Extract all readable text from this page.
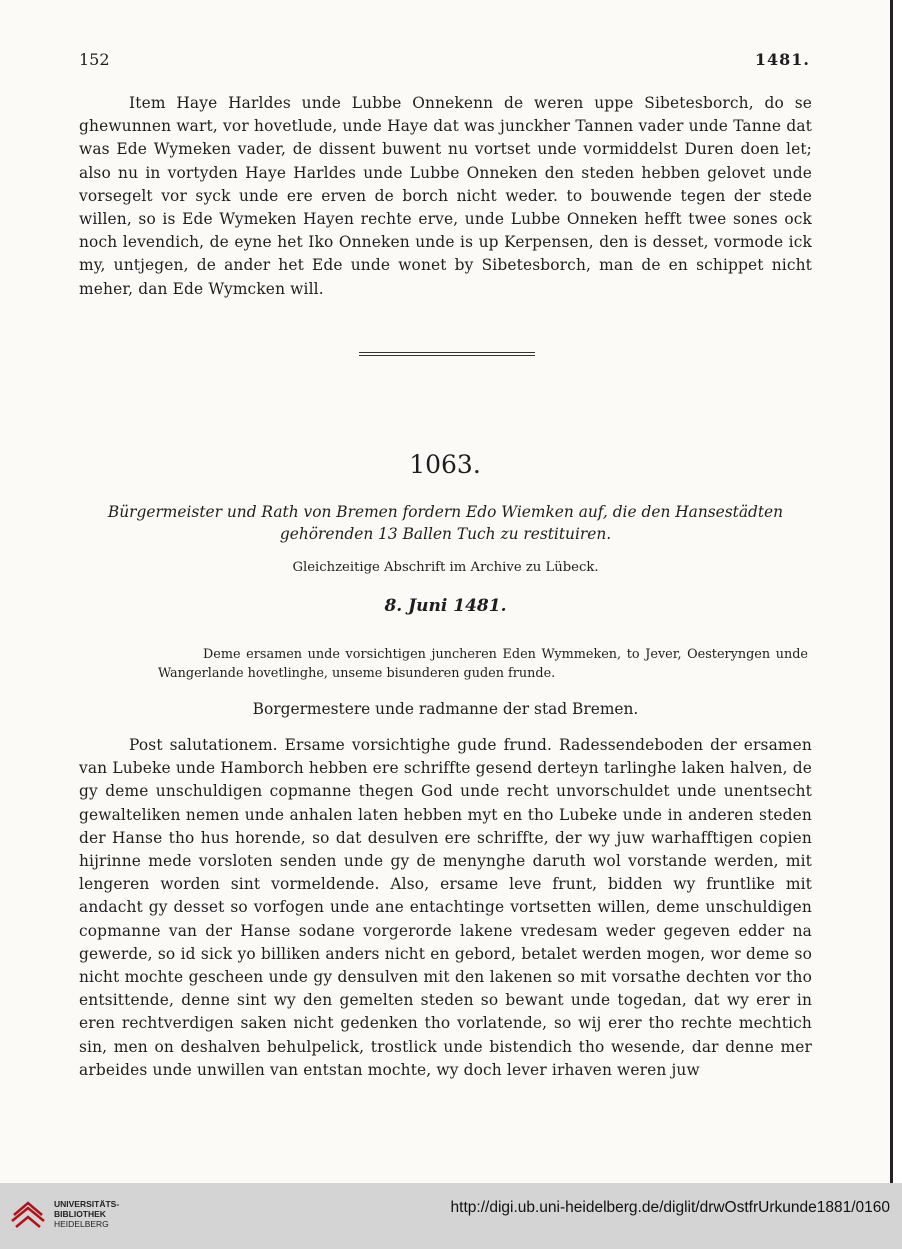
152	1481.
Item Haye Harldes unde Lubbe Onnekenn de weren uppe Sibetesborch, do se ghewunnen wart, vor hovetlude, unde Haye dat was junckher Tannen vader unde Tanne dat was Ede Wymeken vader, de dissent buwent nu vortset unde vormiddelst Duren doen let; also nu in vortyden Haye Harldes unde Lubbe Onneken den steden hebben gelovet unde vorsegelt vor syck unde ere erven de borch nicht weder. to bouwende tegen der stede willen, so is Ede Wymeken Hayen rechte erve, unde Lubbe Onneken hefft twee sones ock noch levendich, de eyne het Iko Onneken unde is up Kerpensen, den is desset, vormode ick my, untjegen, de ander het Ede unde wonet by Sibetesborch, man de en schippet nicht meher, dan Ede Wymcken will.
1063.
Bürgermeister und Rath von Bremen fordern Edo Wiemken auf, die den Hansestädten gehörenden 13 Ballen Tuch zu restituiren.
Gleichzeitige Abschrift im Archive zu Lübeck.
8. Juni 1481.
Deme ersamen unde vorsichtigen juncheren Eden Wymmeken, to Jever, Oesteryngen unde Wangerlande hovetlinghe, unseme bisunderen guden frunde.
Borgermestere unde radmanne der stad Bremen.
Post salutationem. Ersame vorsichtighe gude frund. Radessendeboden der ersamen van Lubeke unde Hamborch hebben ere schriffte gesend derteyn tarlinghe laken halven, de gy deme unschuldigen copmanne thegen God unde recht unvorschuldet unde unentsecht gewalteliken nemen unde anhalen laten hebben myt en tho Lubeke unde in anderen steden der Hanse tho hus horende, so dat desulven ere schriffte, der wy juw warhafftigen copien hijrinne mede vorsloten senden unde gy de menynghe daruth wol vorstande werden, mit lengeren worden sint vormeldende. Also, ersame leve frunt, bidden wy fruntlike mit andacht gy desset so vorfogen unde ane entachtinge vortsetten willen, deme unschuldigen copmanne van der Hanse sodane vorgerorde lakene vredesam weder gegeven edder na gewerde, so id sick yo billiken anders nicht en gebord, betalet werden mogen, wor deme so nicht mochte gescheen unde gy densulven mit den lakenen so mit vorsathe dechten vor tho entsittende, denne sint wy den gemelten steden so bewant unde togedan, dat wy erer in eren rechtverdigen saken nicht gedenken tho vorlatende, so wij erer tho rechte mechtich sin, men on deshalven behulpelick, trostlick unde bistendich tho wesende, dar denne mer arbeides unde unwillen van entstan mochte, wy doch lever irhaven weren juw
UNIVERSITÄTS-
BIBLIOTHEK
HEIDELBERG
http://digi.ub.uni-heidelberg.de/diglit/drwOstfrUrkunde1881/0160
